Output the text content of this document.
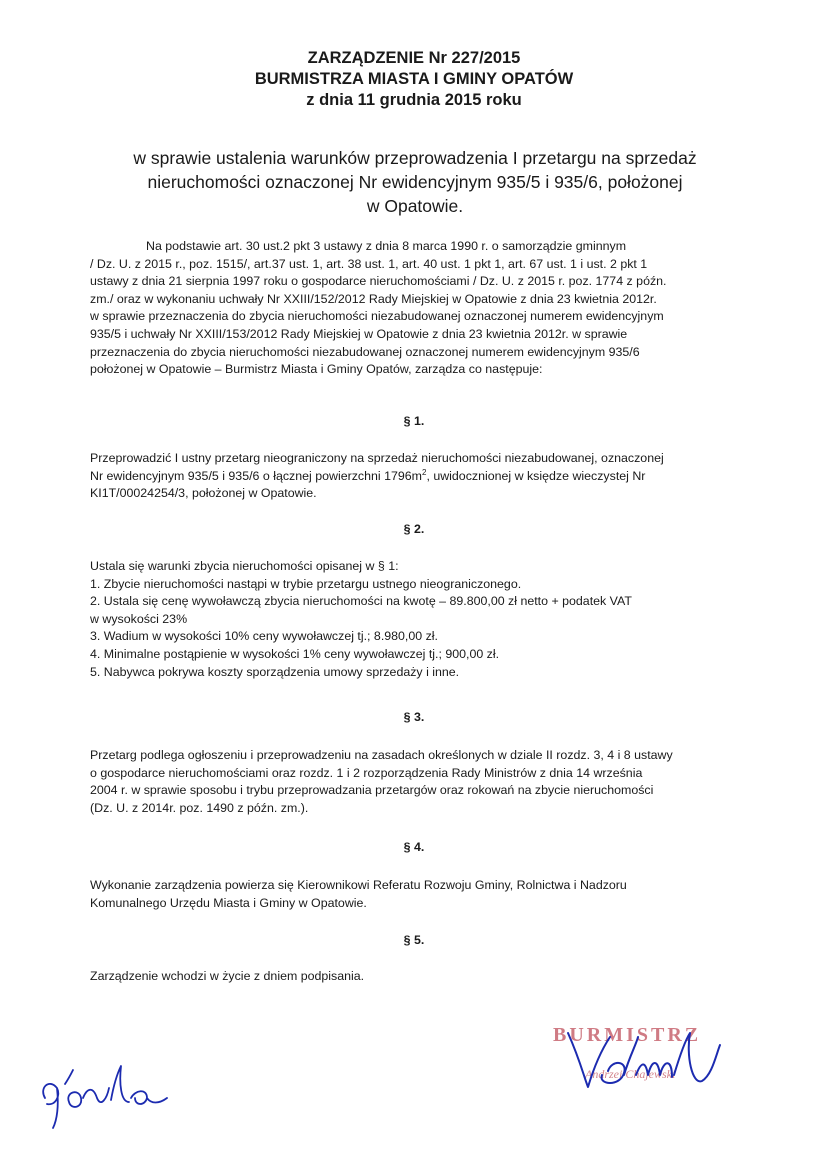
ZARZĄDZENIE Nr 227/2015
BURMISTRZA MIASTA I GMINY OPATÓW
z dnia 11 grudnia 2015 roku
w sprawie ustalenia warunków przeprowadzenia I przetargu na sprzedaż
nieruchomości oznaczonej Nr ewidencyjnym 935/5 i 935/6, położonej
w Opatowie.
Na podstawie art. 30 ust.2 pkt 3 ustawy z dnia 8 marca 1990 r. o samorządzie gminnym
/ Dz. U. z 2015 r., poz. 1515/, art.37 ust. 1, art. 38 ust. 1, art. 40 ust. 1 pkt 1, art. 67 ust. 1 i ust. 2 pkt 1
ustawy z dnia 21 sierpnia 1997 roku o gospodarce nieruchomościami / Dz. U. z 2015 r. poz. 1774 z późn.
zm./ oraz w wykonaniu uchwały Nr XXIII/152/2012 Rady Miejskiej w Opatowie z dnia 23 kwietnia 2012r.
w sprawie przeznaczenia do zbycia nieruchomości niezabudowanej oznaczonej numerem ewidencyjnym
935/5 i uchwały Nr XXIII/153/2012 Rady Miejskiej w Opatowie z dnia 23 kwietnia 2012r. w sprawie
przeznaczenia do zbycia nieruchomości niezabudowanej oznaczonej numerem ewidencyjnym 935/6
położonej w Opatowie – Burmistrz Miasta i Gminy Opatów, zarządza co następuje:
§ 1.
Przeprowadzić I ustny przetarg nieograniczony na sprzedaż nieruchomości niezabudowanej, oznaczonej
Nr ewidencyjnym 935/5 i 935/6 o łącznej powierzchni $1796m^2$, uwidocznionej w księdze wieczystej Nr
KI1T/00024254/3, położonej w Opatowie.
§ 2.
Ustala się warunki zbycia nieruchomości opisanej w § 1:
1. Zbycie nieruchomości nastąpi w trybie przetargu ustnego nieograniczonego.
2. Ustala się cenę wywoławczą zbycia nieruchomości na kwotę – 89.800,00 zł netto + podatek VAT
w wysokości 23%
3. Wadium w wysokości 10% ceny wywoławczej tj.; 8.980,00 zł.
4. Minimalne postąpienie w wysokości 1% ceny wywoławczej tj.; 900,00 zł.
5. Nabywca pokrywa koszty sporządzenia umowy sprzedaży i inne.
§ 3.
Przetarg podlega ogłoszeniu i przeprowadzeniu na zasadach określonych w dziale II rozdz. 3, 4 i 8 ustawy
o gospodarce nieruchomościami oraz rozdz. 1 i 2 rozporządzenia Rady Ministrów z dnia 14 września
2004 r. w sprawie sposobu i trybu przeprowadzania przetargów oraz rokowań na zbycie nieruchomości
(Dz. U. z 2014r. poz. 1490 z późn. zm.).
§ 4.
Wykonanie zarządzenia powierza się Kierownikowi Referatu Rozwoju Gminy, Rolnictwa i Nadzoru
Komunalnego Urzędu Miasta i Gminy w Opatowie.
§ 5.
Zarządzenie wchodzi w życie z dniem podpisania.
BURMISTRZ
Andrzej Chajewski
